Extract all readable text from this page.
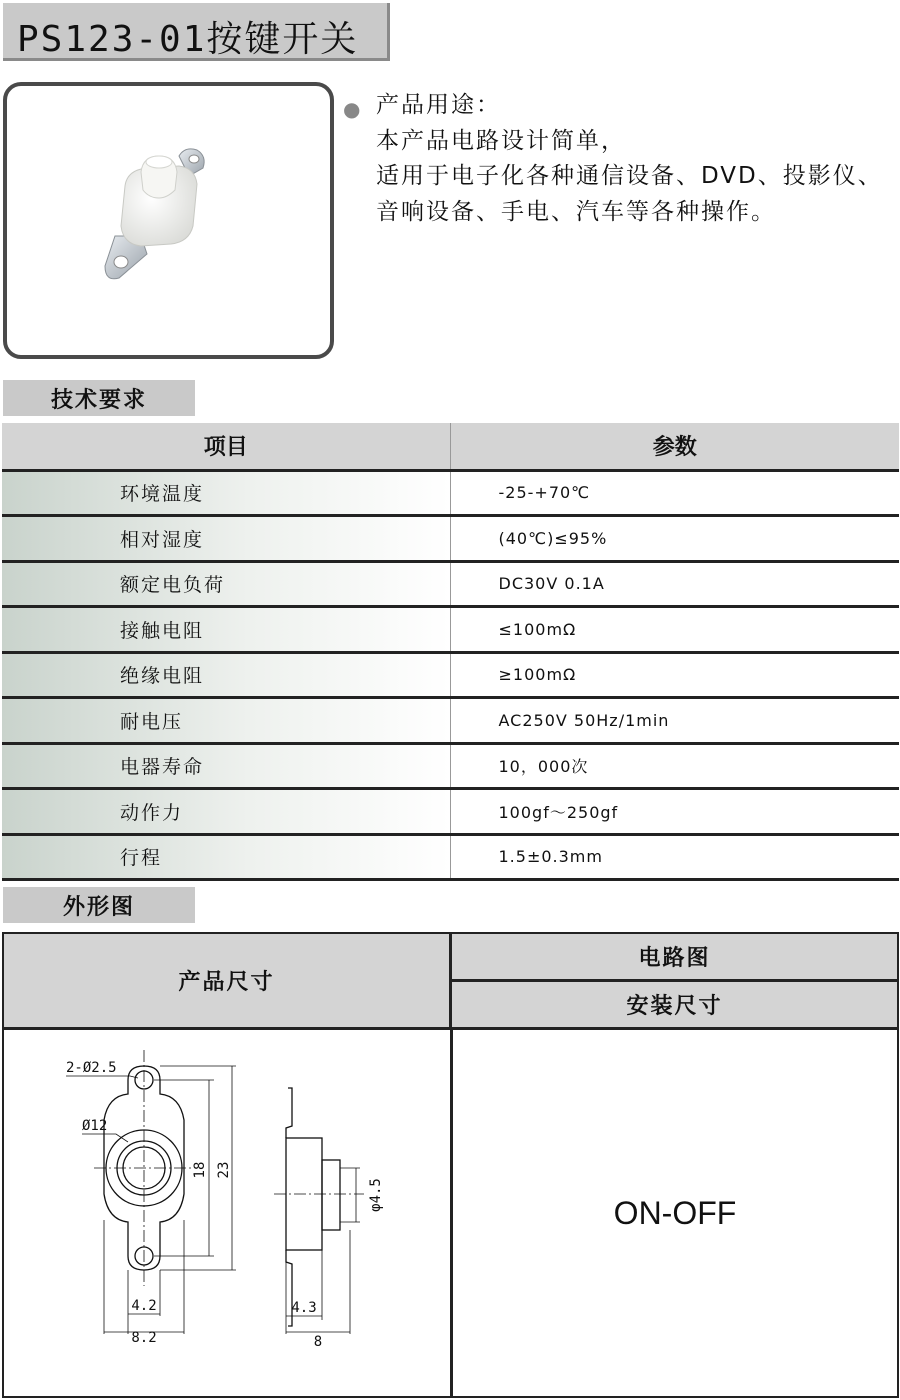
PS123-01按键开关
● 产品用途：
本产品电路设计简单，
适用于电子化各种通信设备、DVD、投影仪、
音响设备、手电、汽车等各种操作。
技术要求
项目	参数
环境温度	-25-+70℃
相对湿度	(40℃)≤95%
额定电负荷	DC30V 0.1A
接触电阻	≤100mΩ
绝缘电阻	≥100mΩ
耐电压	AC250V 50Hz/1min
电器寿命	10，000次
动作力	100gf～250gf
行程	1.5±0.3mm
外形图
产品尺寸
电路图
安装尺寸
2-Ø2.5
Ø12
18 23
4.2
8.2
φ4.5
4.3
8
ON-OFF
